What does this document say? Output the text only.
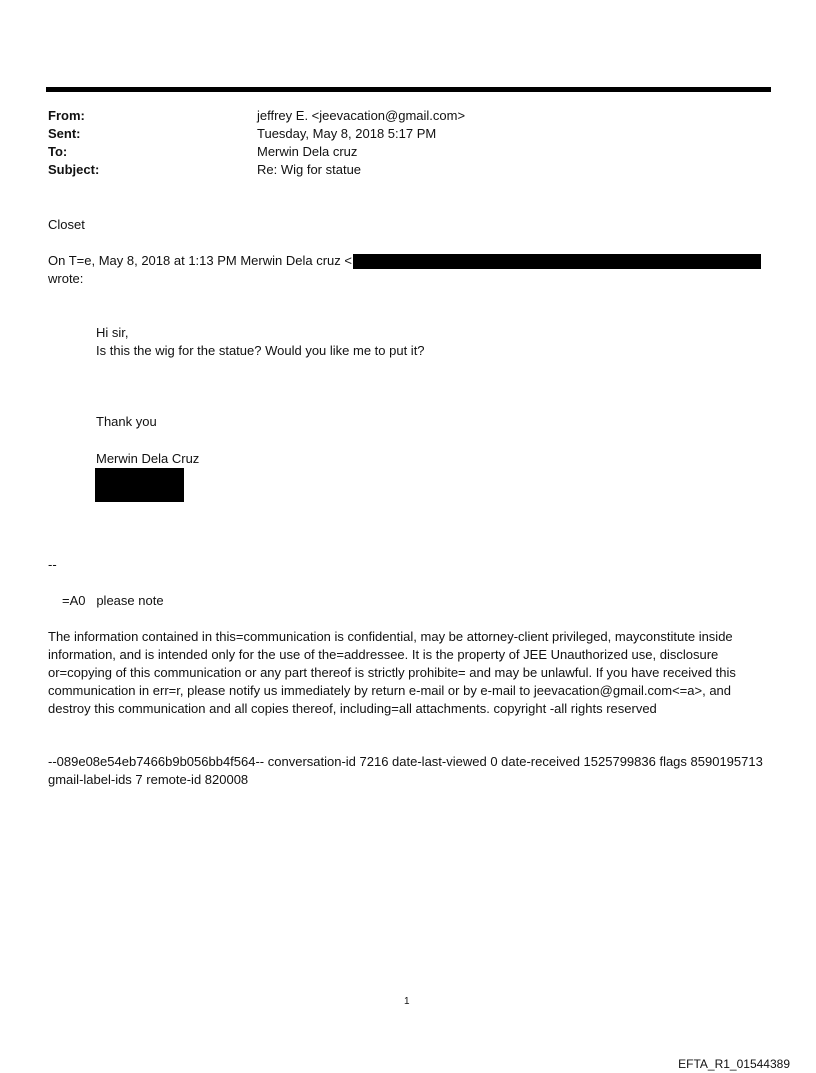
From:	jeffrey E. <jeevacation@gmail.com>
Sent:	Tuesday, May 8, 2018 5:17 PM
To:	Merwin Dela cruz
Subject:	Re: Wig for statue
Closet
On T=e, May 8, 2018 at 1:13 PM Merwin Dela cruz <
wrote:
Hi sir,
Is this the wig for the statue? Would you like me to put it?
Thank you
Merwin Dela Cruz
--
=A0   please note
The information contained in this=communication is confidential, may be attorney-client privileged, mayconstitute inside information, and is intended only for the use of the=addressee. It is the property of JEE Unauthorized use, disclosure or=copying of this communication or any part thereof is strictly prohibite= and may be unlawful. If you have received this communication in err=r, please notify us immediately by return e-mail or by e-mail to jeevacation@gmail.com<=a>, and destroy this communication and all copies thereof, including=all attachments. copyright -all rights reserved
--089e08e54eb7466b9b056bb4f564-- conversation-id 7216 date-last-viewed 0 date-received 1525799836 flags 8590195713 gmail-label-ids 7 remote-id 820008
1
EFTA_R1_01544389
